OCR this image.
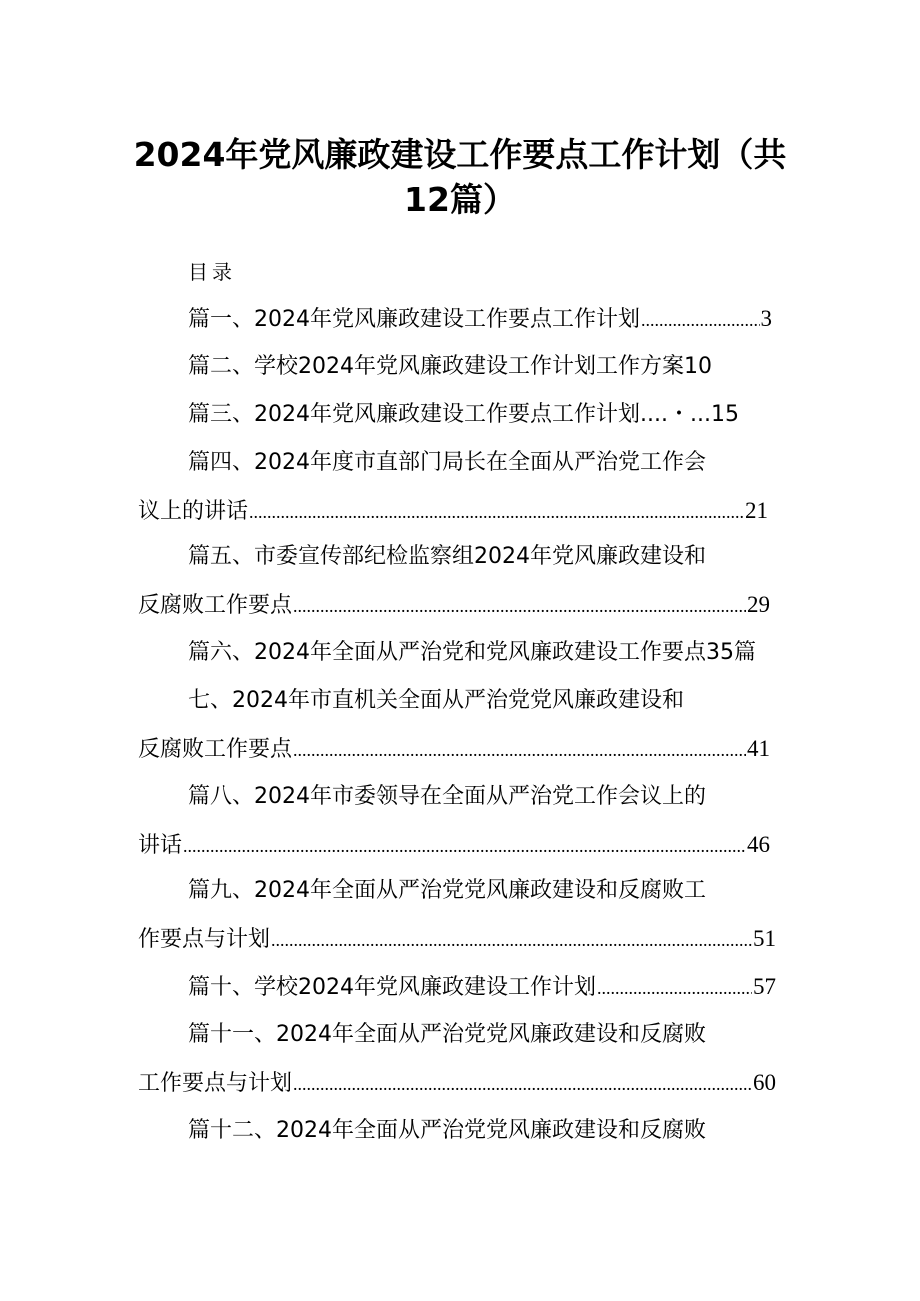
2024年党风廉政建设工作要点工作计划（共
12篇）
目录
篇一、2024年党风廉政建设工作要点工作计划 .....	3
篇二、学校2024年党风廉政建设工作计划工作方案10
篇三、2024年党风廉政建设工作要点工作计划....・...15
篇四、2024年度市直部门局长在全面从严治党工作会
议上的讲话 .....	21
篇五、市委宣传部纪检监察组2024年党风廉政建设和
反腐败工作要点 .....	29
篇六、2024年全面从严治党和党风廉政建设工作要点35篇
七、2024年市直机关全面从严治党党风廉政建设和
反腐败工作要点 .....	41
篇八、2024年市委领导在全面从严治党工作会议上的
讲话 .....	46
篇九、2024年全面从严治党党风廉政建设和反腐败工
作要点与计划 .....	51
篇十、学校2024年党风廉政建设工作计划 .....	57
篇十一、2024年全面从严治党党风廉政建设和反腐败
工作要点与计划 .....	60
篇十二、2024年全面从严治党党风廉政建设和反腐败
